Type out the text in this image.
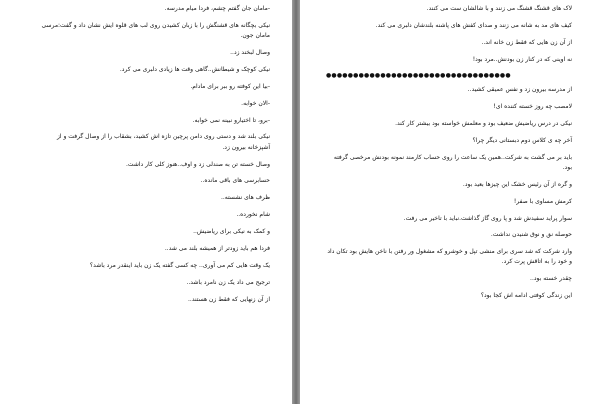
-مامان جان گفتم چشم، فردا میام مدرسه.

نیکی بچگانه های قشنگش را با زبان کشیدن روی لب های قلوه ایش نشان داد و گفت:مرسی مامان جون.

وصال لبخند زد..

نیکی کوچک و شیطانش..گاهی وقت ها زیادی دلبری می کرد.

-بیا این کوفته رو ببر برای مادام.

-الان خوابه.

-برو، تا اختیارو نبینه نمی خوابه.

نیکی بلند شد و دستی روی دامن پرچین تازه اش کشید، بشقاب را از وصال گرفت و از آشپزخانه بیرون زد.

وصال خسته تن به صندلی زد و اوف..هنوز کلی کار داشت.

حسابرسی های باقی مانده..

ظرف های نشسته..

شام نخورده..

و کمک به نیکی برای ریاضیش..

فردا هم باید زودتر از همیشه بلند می شد..

یک وقت هایی کم می آوری.. چه کسی گفته یک زن باید اینقدر مرد باشد؟

ترجیح می داد یک زن نامرد باشد..

از آن زنهایی که فقط زن هستند..

لاک های قشنگ قشنگ می زنند و با شالشان ست می کنند.

کیف های مد به شانه می زنند و صدای کفش های پاشنه بلندشان دلبری می کند.

از آن زن هایی که فقط زن خانه اند..

نه اوینی که در کنار زن بودنش..مرد بود!

●●●●●●●●●●●●●●●●●●●●●●●●●●●●●●●●●●

از مدرسه بیرون زد و نفس عمیقی کشید..

لامصب چه روز خسته کننده ای!

نیکی در درس ریاضیش ضعیف بود و معلمش خواسته بود بیشتر کار کند.

آخر چه ی کلاس دوم دبستانی دیگر چرا؟

باید بر می گشت به شرکت..همین یک ساعت را روی حساب کارمند نمونه بودنش مرخصی گرفته بود.

و گره از آن رئیس خشک این چیزها بعید بود.

کرمش مساوی با صفر!

سوار پراید سفیدش شد و پا روی گاز گذاشت.نباید با تاخیر می رفت.

حوصله نق و نوق شنیدن نداشت.

وارد شرکت که شد سری برای منشی تپل و خوشرو که مشغول ور رفتن با ناخن هایش بود تکان داد و خود را به اتاقش پرت کرد.

چقدر خسته بود..

این زندگی کوفتی ادامه اش کجا بود؟
